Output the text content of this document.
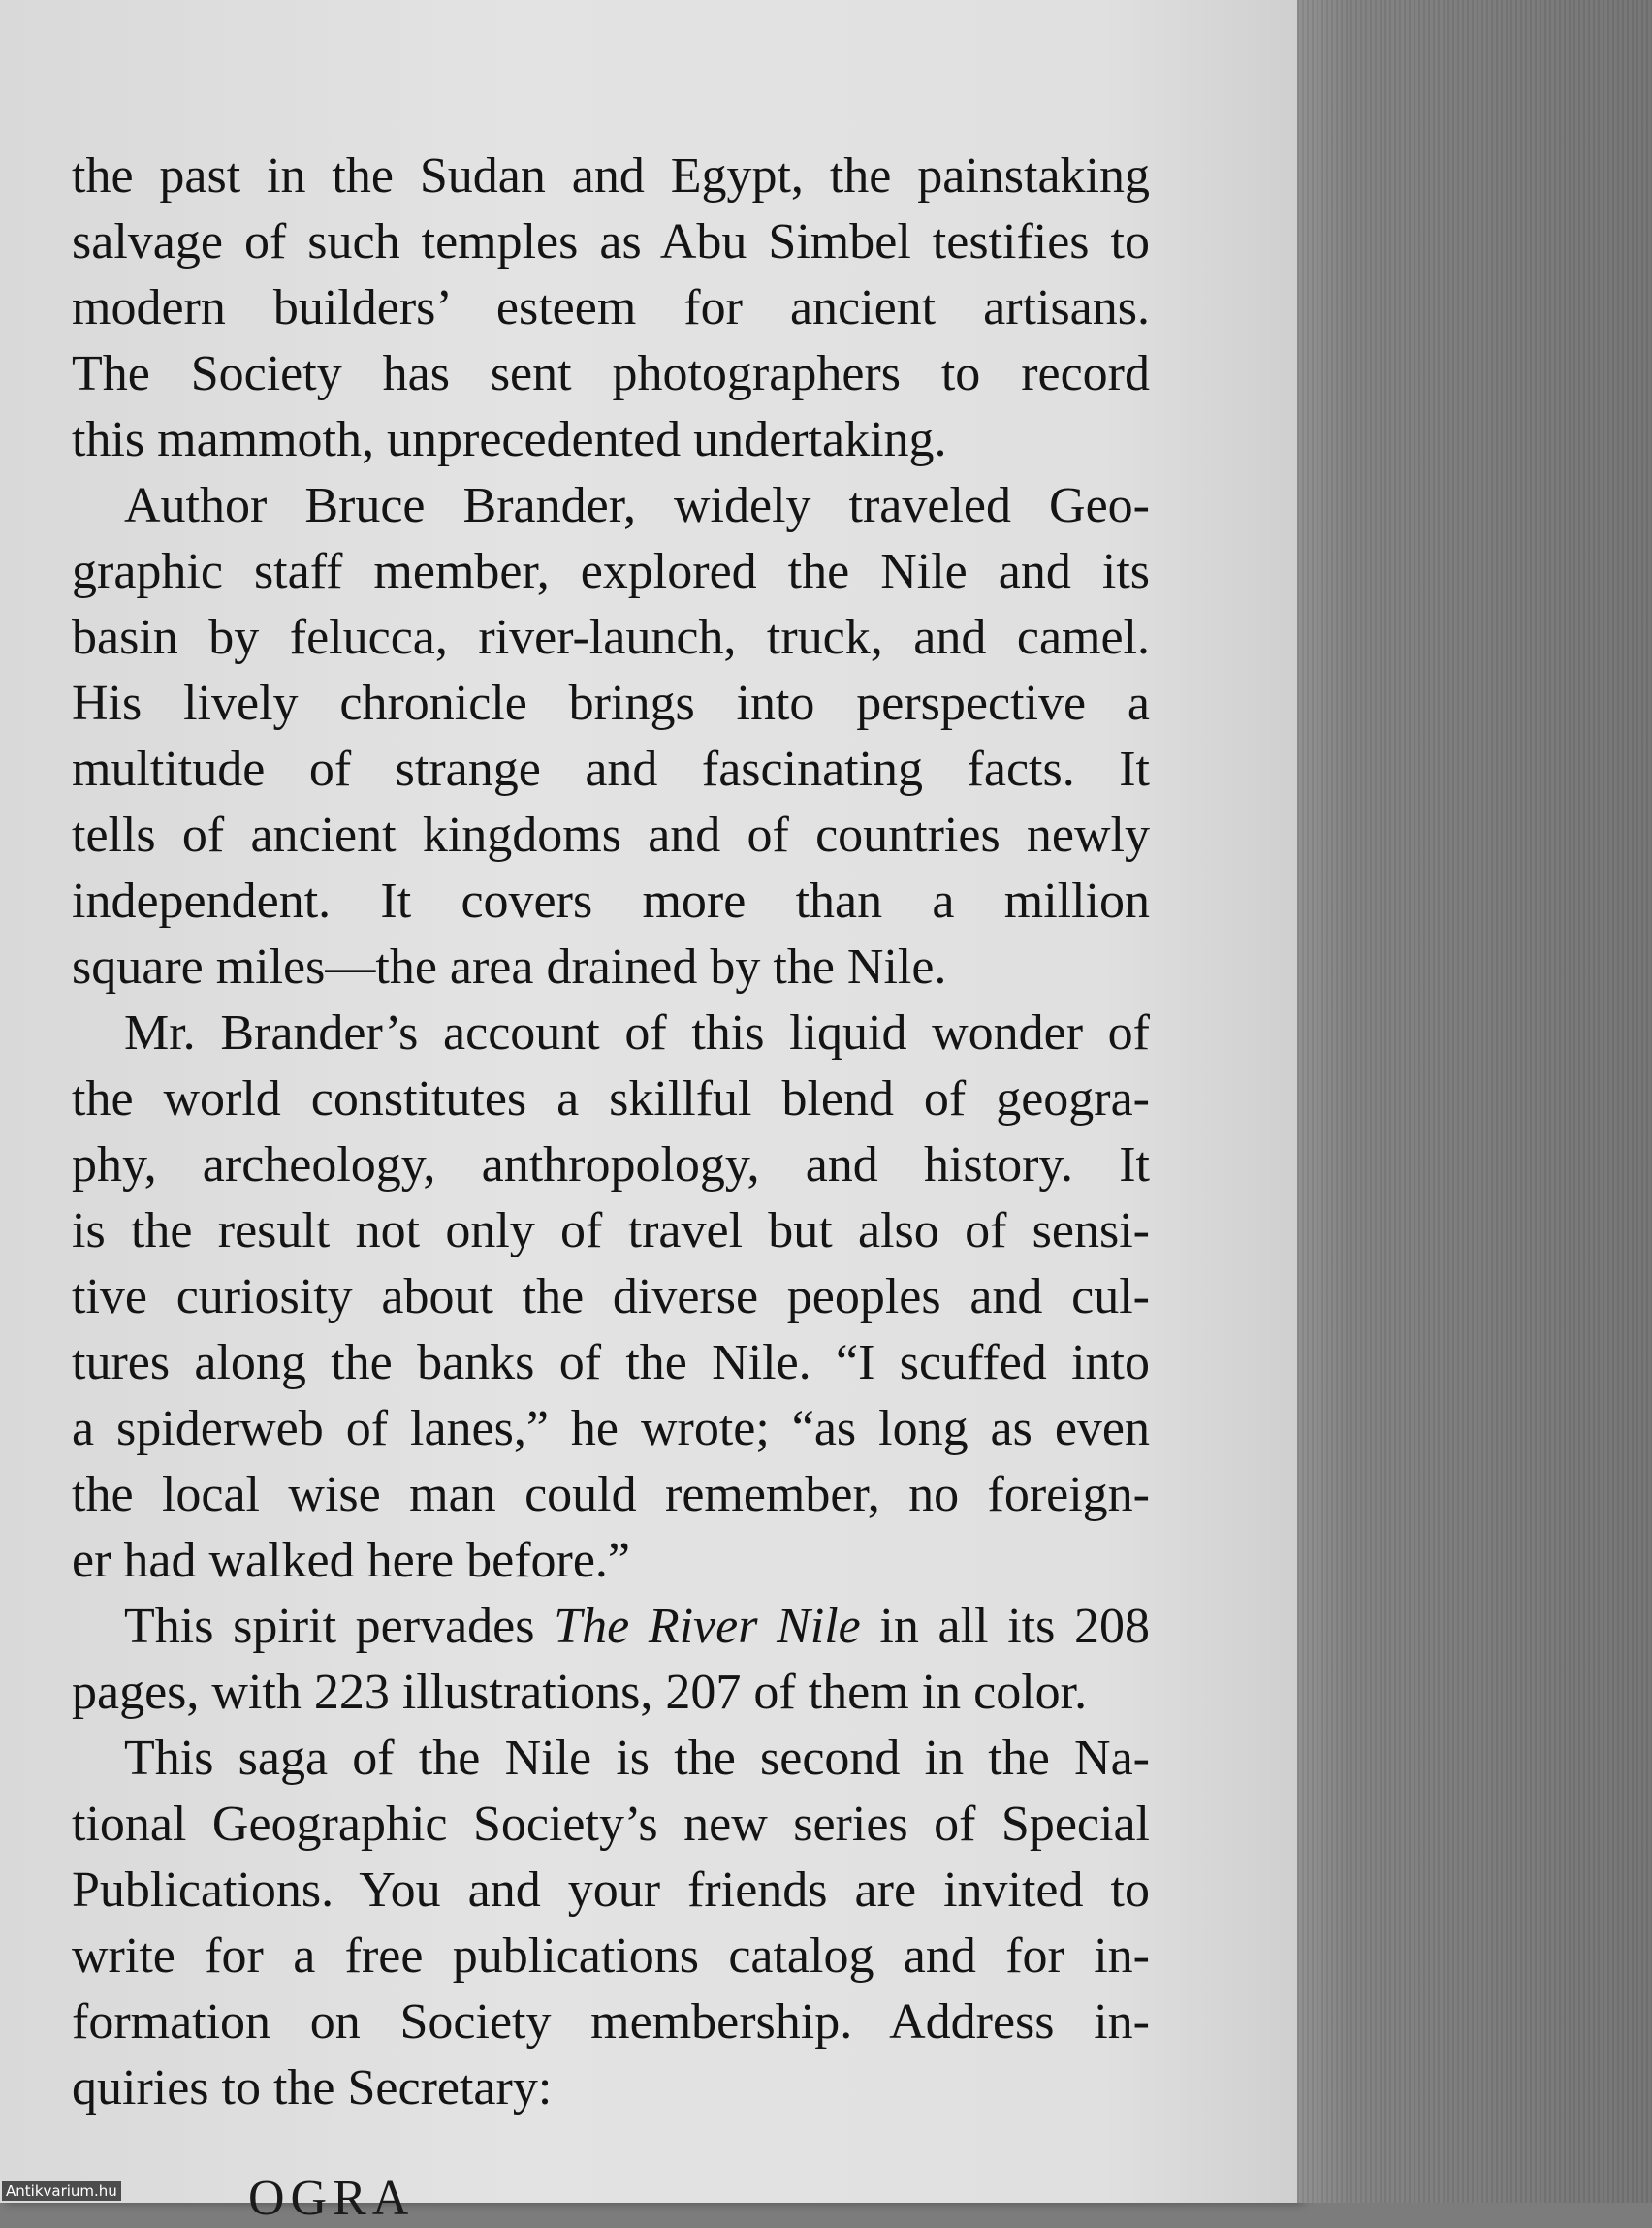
the past in the Sudan and Egypt, the painstaking
salvage of such temples as Abu Simbel testifies to
modern builders’ esteem for ancient artisans.
The Society has sent photographers to record
this mammoth, unprecedented undertaking.
Author Bruce Brander, widely traveled Geo-
graphic staff member, explored the Nile and its
basin by felucca, river-launch, truck, and camel.
His lively chronicle brings into perspective a
multitude of strange and fascinating facts. It
tells of ancient kingdoms and of countries newly
independent. It covers more than a million
square miles—the area drained by the Nile.
Mr. Brander’s account of this liquid wonder of
the world constitutes a skillful blend of geogra-
phy, archeology, anthropology, and history. It
is the result not only of travel but also of sensi-
tive curiosity about the diverse peoples and cul-
tures along the banks of the Nile. “I scuffed into
a spiderweb of lanes,” he wrote; “as long as even
the local wise man could remember, no foreign-
er had walked here before.”
This spirit pervades The River Nile in all its 208
pages, with 223 illustrations, 207 of them in color.
This saga of the Nile is the second in the Na-
tional Geographic Society’s new series of Special
Publications. You and your friends are invited to
write for a free publications catalog and for in-
formation on Society membership. Address in-
quiries to the Secretary:
OGRA
Antikvarium.hu
